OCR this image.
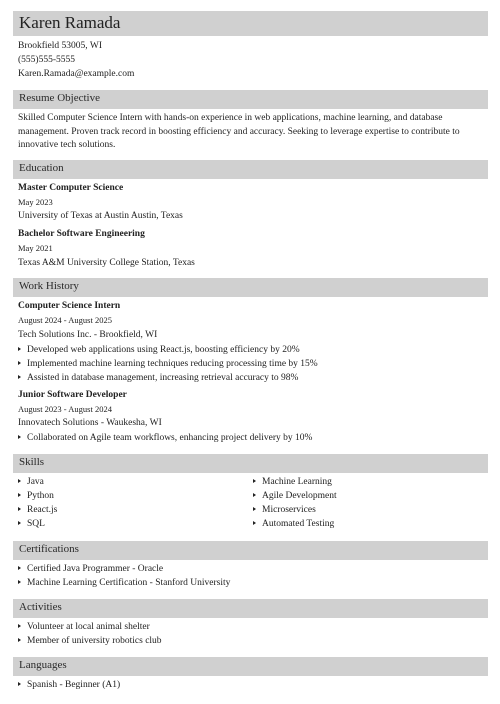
Karen Ramada
Brookfield 53005, WI
(555)555-5555
Karen.Ramada@example.com
Resume Objective
Skilled Computer Science Intern with hands-on experience in web applications, machine learning, and database
management. Proven track record in boosting efficiency and accuracy. Seeking to leverage expertise to contribute to
innovative tech solutions.
Education
Master Computer Science
May 2023
University of Texas at Austin Austin, Texas
Bachelor Software Engineering
May 2021
Texas A&M University College Station, Texas
Work History
Computer Science Intern
August 2024 - August 2025
Tech Solutions Inc. - Brookfield, WI
Developed web applications using React.js, boosting efficiency by 20%
Implemented machine learning techniques reducing processing time by 15%
Assisted in database management, increasing retrieval accuracy to 98%
Junior Software Developer
August 2023 - August 2024
Innovatech Solutions - Waukesha, WI
Collaborated on Agile team workflows, enhancing project delivery by 10%
Skills
Java
Python
React.js
SQL
Machine Learning
Agile Development
Microservices
Automated Testing
Certifications
Certified Java Programmer - Oracle
Machine Learning Certification - Stanford University
Activities
Volunteer at local animal shelter
Member of university robotics club
Languages
Spanish - Beginner (A1)
